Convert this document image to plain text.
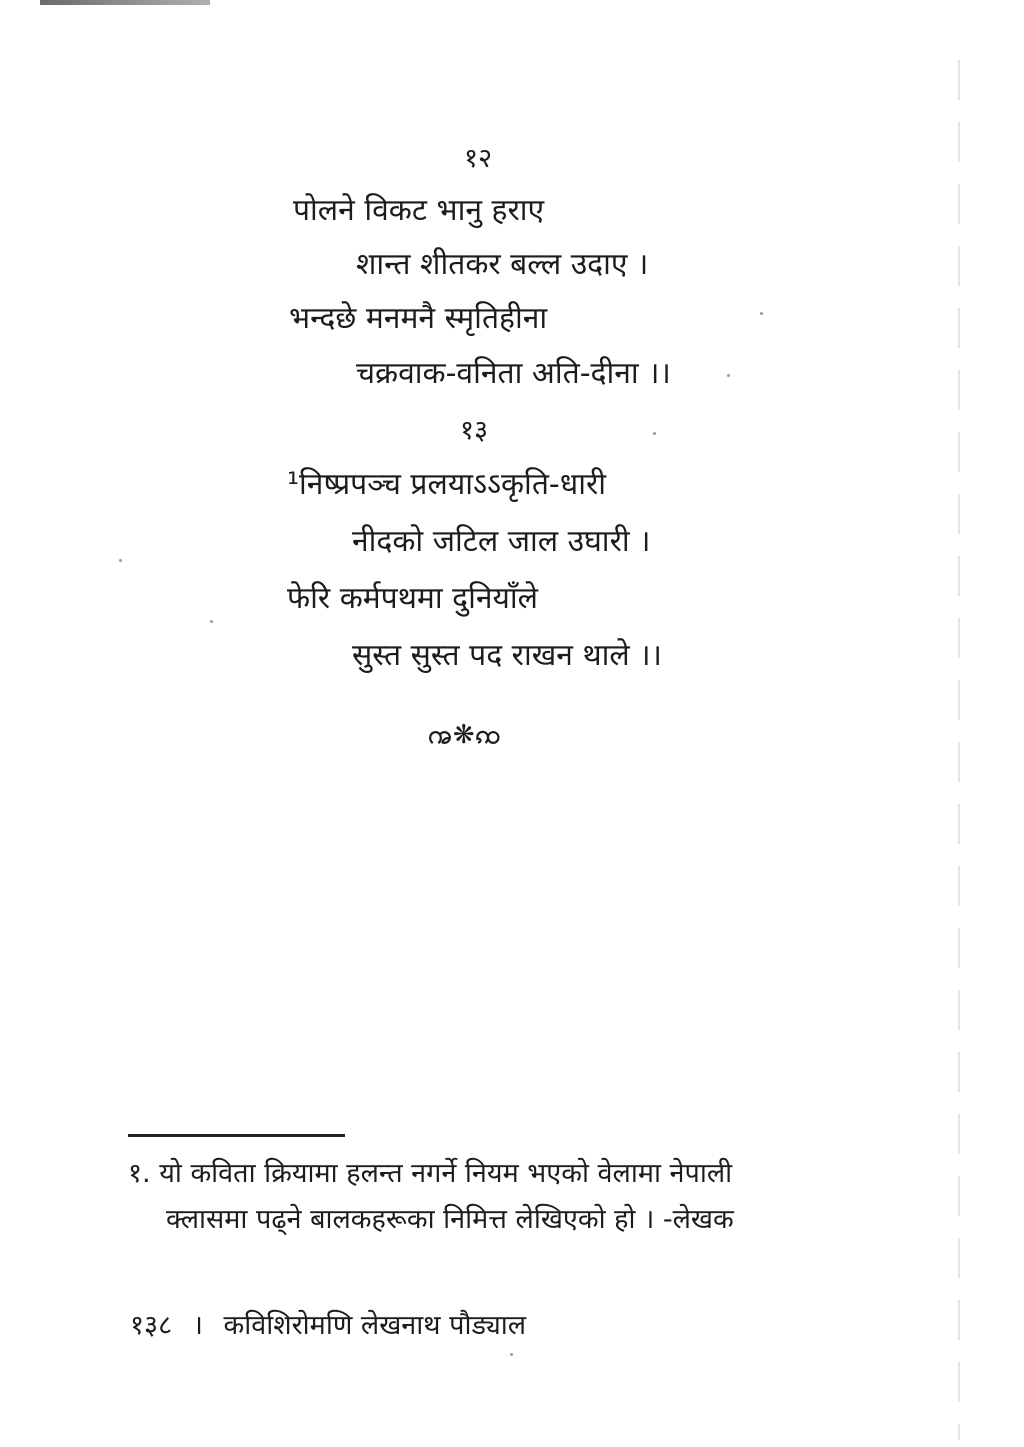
१२
पोलने विकट भानु हराए
शान्त शीतकर बल्ल उदाए ।
भन्दछे मनमनै स्मृतिहीना
चक्रवाक-वनिता अति-दीना ।।
१३
¹निष्प्रपञ्च प्रलयाऽऽकृति-धारी
नीदको जटिल जाल उघारी ।
फेरि कर्मपथमा दुनियाँले
सुस्त सुस्त पद राखन थाले ।।
ꩠ❋ꩡ
१. यो कविता क्रियामा हलन्त नगर्ने नियम भएको वेलामा नेपाली
क्लासमा पढ्ने बालकहरूका निमित्त लेखिएको हो । -लेखक
१३८ । कविशिरोमणि लेखनाथ पौड्याल
